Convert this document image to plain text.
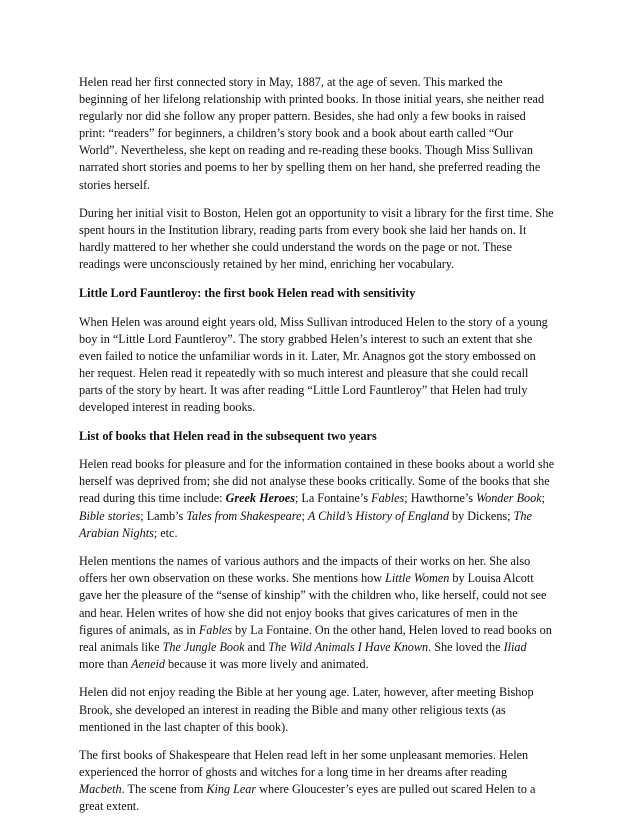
Helen read her first connected story in May, 1887, at the age of seven. This marked the
beginning of her lifelong relationship with printed books. In those initial years, she neither read
regularly nor did she follow any proper pattern. Besides, she had only a few books in raised
print: “readers” for beginners, a children’s story book and a book about earth called “Our
World”. Nevertheless, she kept on reading and re-reading these books. Though Miss Sullivan
narrated short stories and poems to her by spelling them on her hand, she preferred reading the
stories herself.

During her initial visit to Boston, Helen got an opportunity to visit a library for the first time. She
spent hours in the Institution library, reading parts from every book she laid her hands on. It
hardly mattered to her whether she could understand the words on the page or not. These
readings were unconsciously retained by her mind, enriching her vocabulary.

Little Lord Fauntleroy: the first book Helen read with sensitivity

When Helen was around eight years old, Miss Sullivan introduced Helen to the story of a young
boy in “Little Lord Fauntleroy”. The story grabbed Helen’s interest to such an extent that she
even failed to notice the unfamiliar words in it. Later, Mr. Anagnos got the story embossed on
her request. Helen read it repeatedly with so much interest and pleasure that she could recall
parts of the story by heart. It was after reading “Little Lord Fauntleroy” that Helen had truly
developed interest in reading books.

List of books that Helen read in the subsequent two years

Helen read books for pleasure and for the information contained in these books about a world she
herself was deprived from; she did not analyse these books critically. Some of the books that she
read during this time include: Greek Heroes; La Fontaine’s Fables; Hawthorne’s Wonder Book;
Bible stories; Lamb’s Tales from Shakespeare; A Child’s History of England by Dickens; The
Arabian Nights; etc.

Helen mentions the names of various authors and the impacts of their works on her. She also
offers her own observation on these works. She mentions how Little Women by Louisa Alcott
gave her the pleasure of the “sense of kinship” with the children who, like herself, could not see
and hear. Helen writes of how she did not enjoy books that gives caricatures of men in the
figures of animals, as in Fables by La Fontaine. On the other hand, Helen loved to read books on
real animals like The Jungle Book and The Wild Animals I Have Known. She loved the Iliad
more than Aeneid because it was more lively and animated.

Helen did not enjoy reading the Bible at her young age. Later, however, after meeting Bishop
Brook, she developed an interest in reading the Bible and many other religious texts (as
mentioned in the last chapter of this book).

The first books of Shakespeare that Helen read left in her some unpleasant memories. Helen
experienced the horror of ghosts and witches for a long time in her dreams after reading
Macbeth. The scene from King Lear where Gloucester’s eyes are pulled out scared Helen to a
great extent.
